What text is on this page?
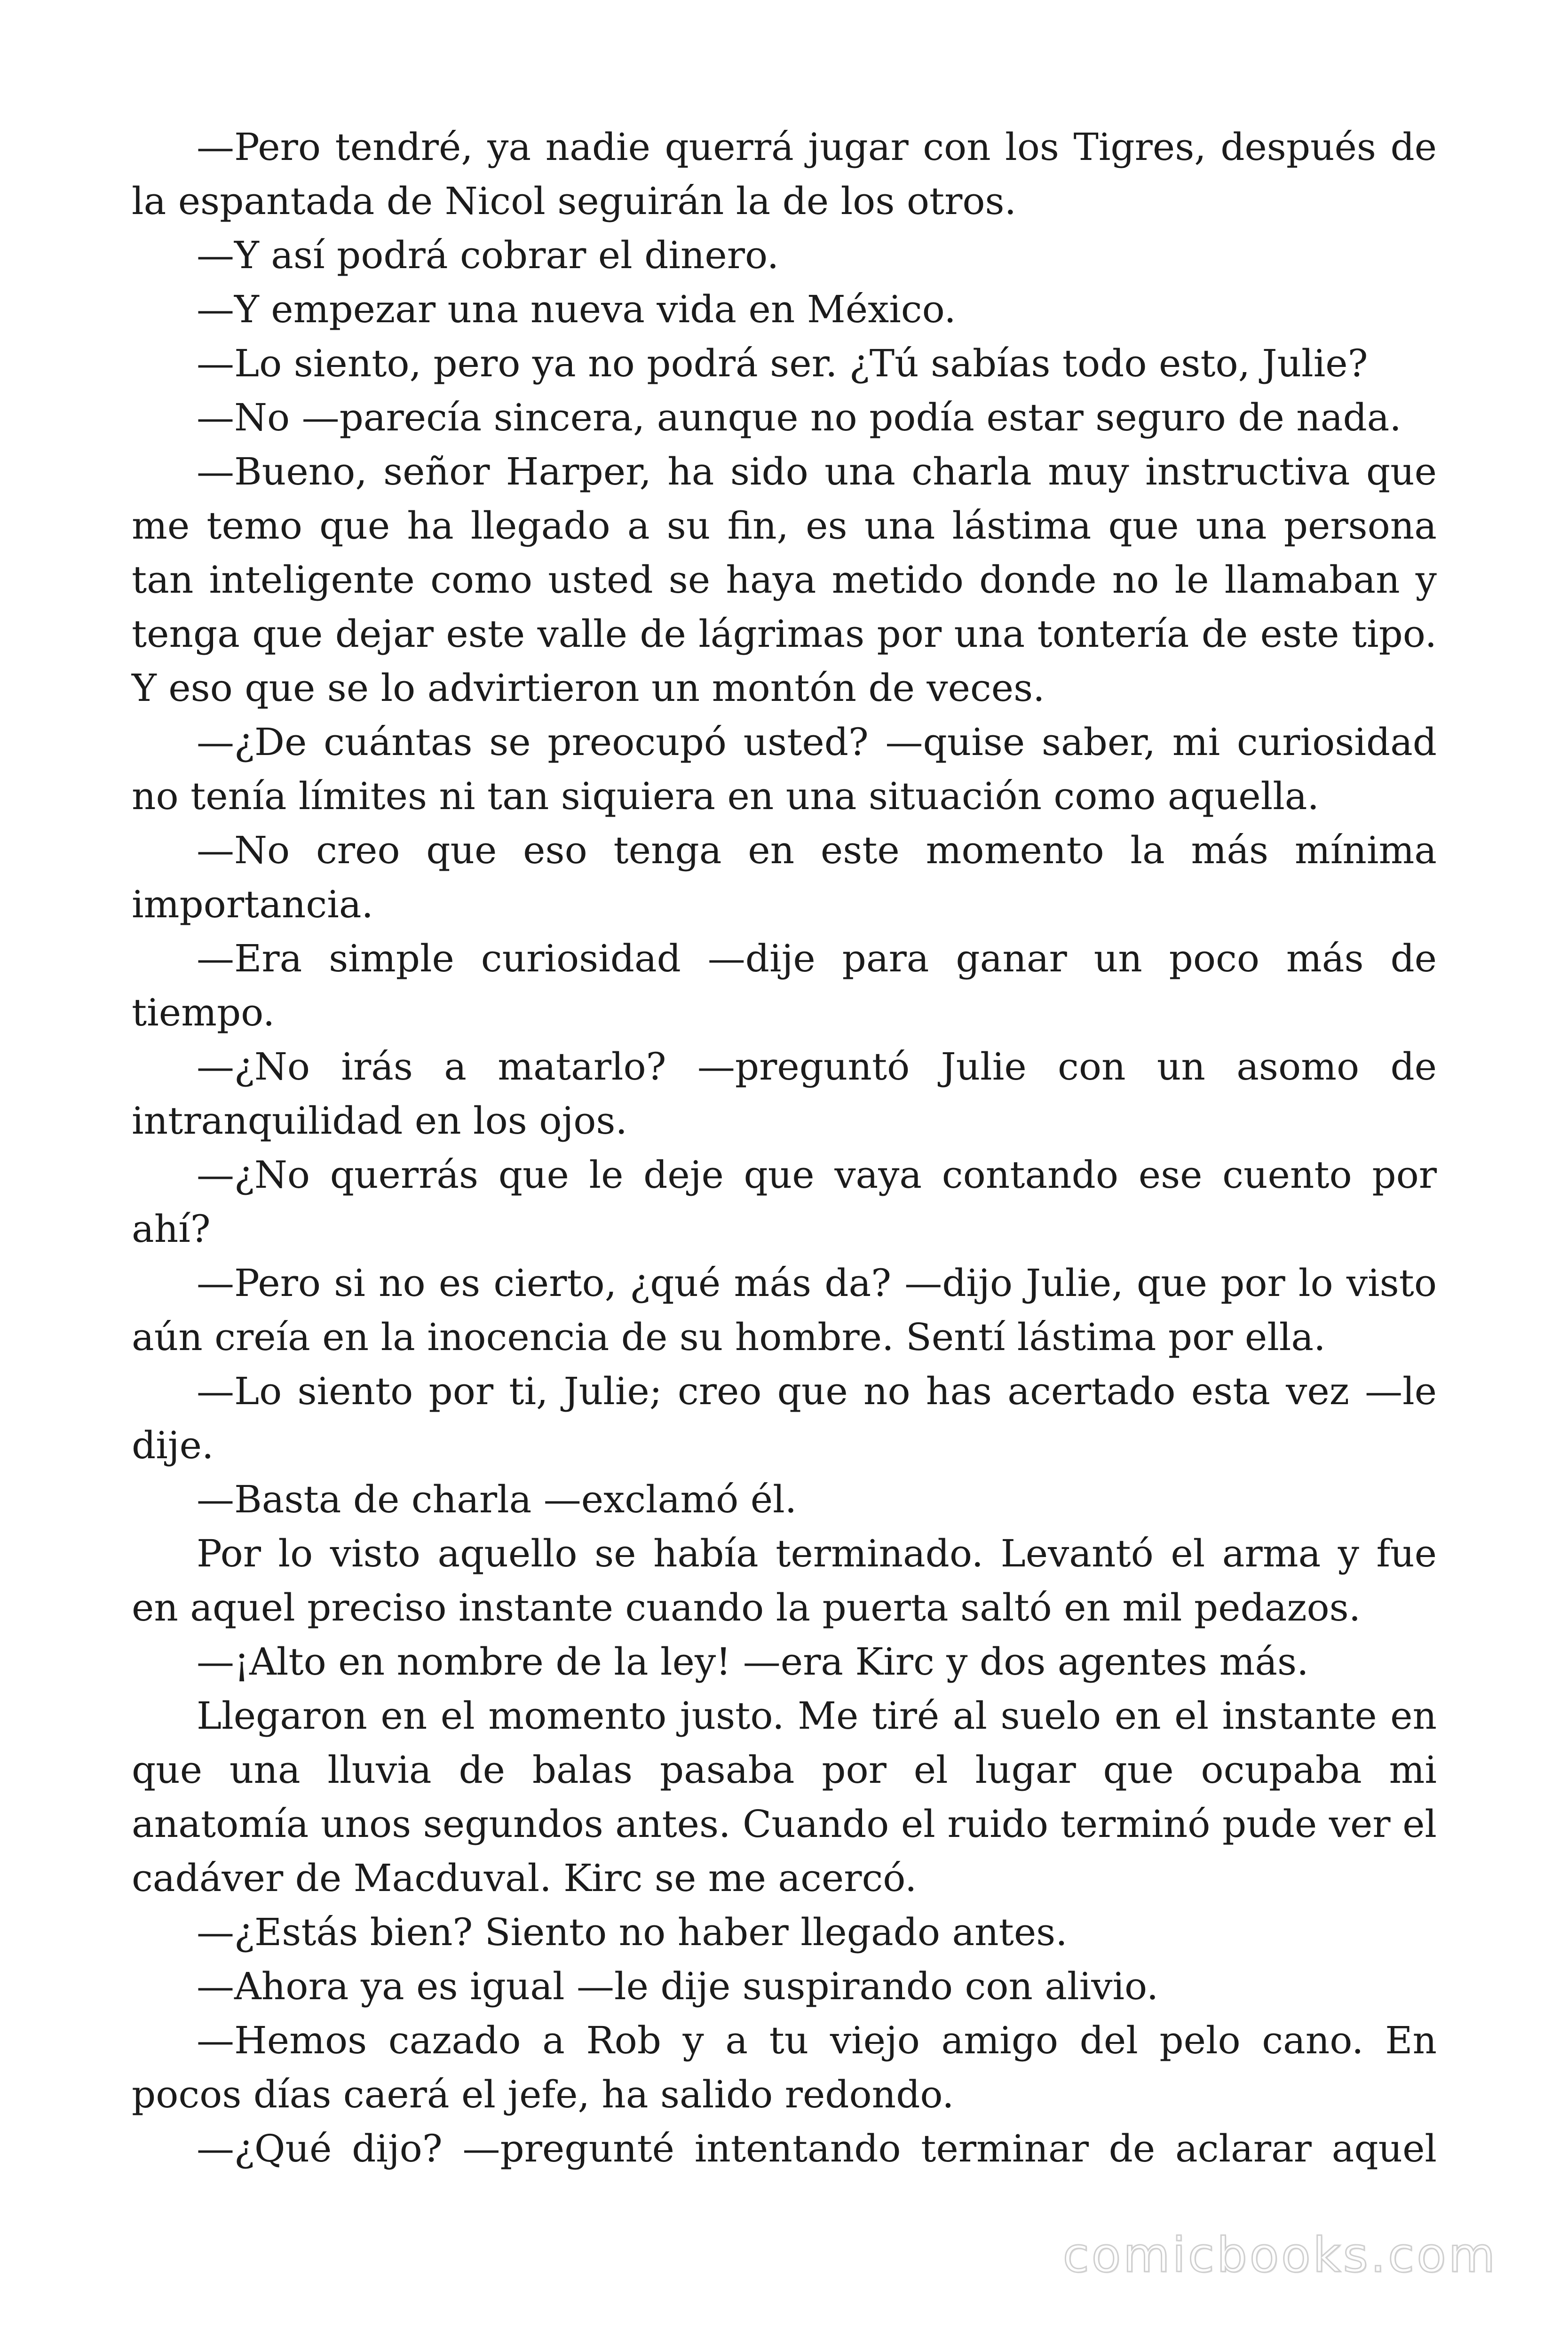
—Pero tendré, ya nadie querrá jugar con los Tigres, después de la espantada de Nicol seguirán la de los otros.

—Y así podrá cobrar el dinero.

—Y empezar una nueva vida en México.

—Lo siento, pero ya no podrá ser. ¿Tú sabías todo esto, Julie?

—No —parecía sincera, aunque no podía estar seguro de nada.

—Bueno, señor Harper, ha sido una charla muy instructiva que me temo que ha llegado a su fin, es una lástima que una persona tan inteligente como usted se haya metido donde no le llamaban y tenga que dejar este valle de lágrimas por una tontería de este tipo. Y eso que se lo advirtieron un montón de veces.

—¿De cuántas se preocupó usted? —quise saber, mi curiosidad no tenía límites ni tan siquiera en una situación como aquella.

—No creo que eso tenga en este momento la más mínima importancia.

—Era simple curiosidad —dije para ganar un poco más de tiempo.

—¿No irás a matarlo? —preguntó Julie con un asomo de intranquilidad en los ojos.

—¿No querrás que le deje que vaya contando ese cuento por ahí?

—Pero si no es cierto, ¿qué más da? —dijo Julie, que por lo visto aún creía en la inocencia de su hombre. Sentí lástima por ella.

—Lo siento por ti, Julie; creo que no has acertado esta vez —le dije.

—Basta de charla —exclamó él.

Por lo visto aquello se había terminado. Levantó el arma y fue en aquel preciso instante cuando la puerta saltó en mil pedazos.

—¡Alto en nombre de la ley! —era Kirc y dos agentes más.

Llegaron en el momento justo. Me tiré al suelo en el instante en que una lluvia de balas pasaba por el lugar que ocupaba mi anatomía unos segundos antes. Cuando el ruido terminó pude ver el cadáver de Macduval. Kirc se me acercó.

—¿Estás bien? Siento no haber llegado antes.

—Ahora ya es igual —le dije suspirando con alivio.

—Hemos cazado a Rob y a tu viejo amigo del pelo cano. En pocos días caerá el jefe, ha salido redondo.

—¿Qué dijo? —pregunté intentando terminar de aclarar aquel

comicbooks.com
